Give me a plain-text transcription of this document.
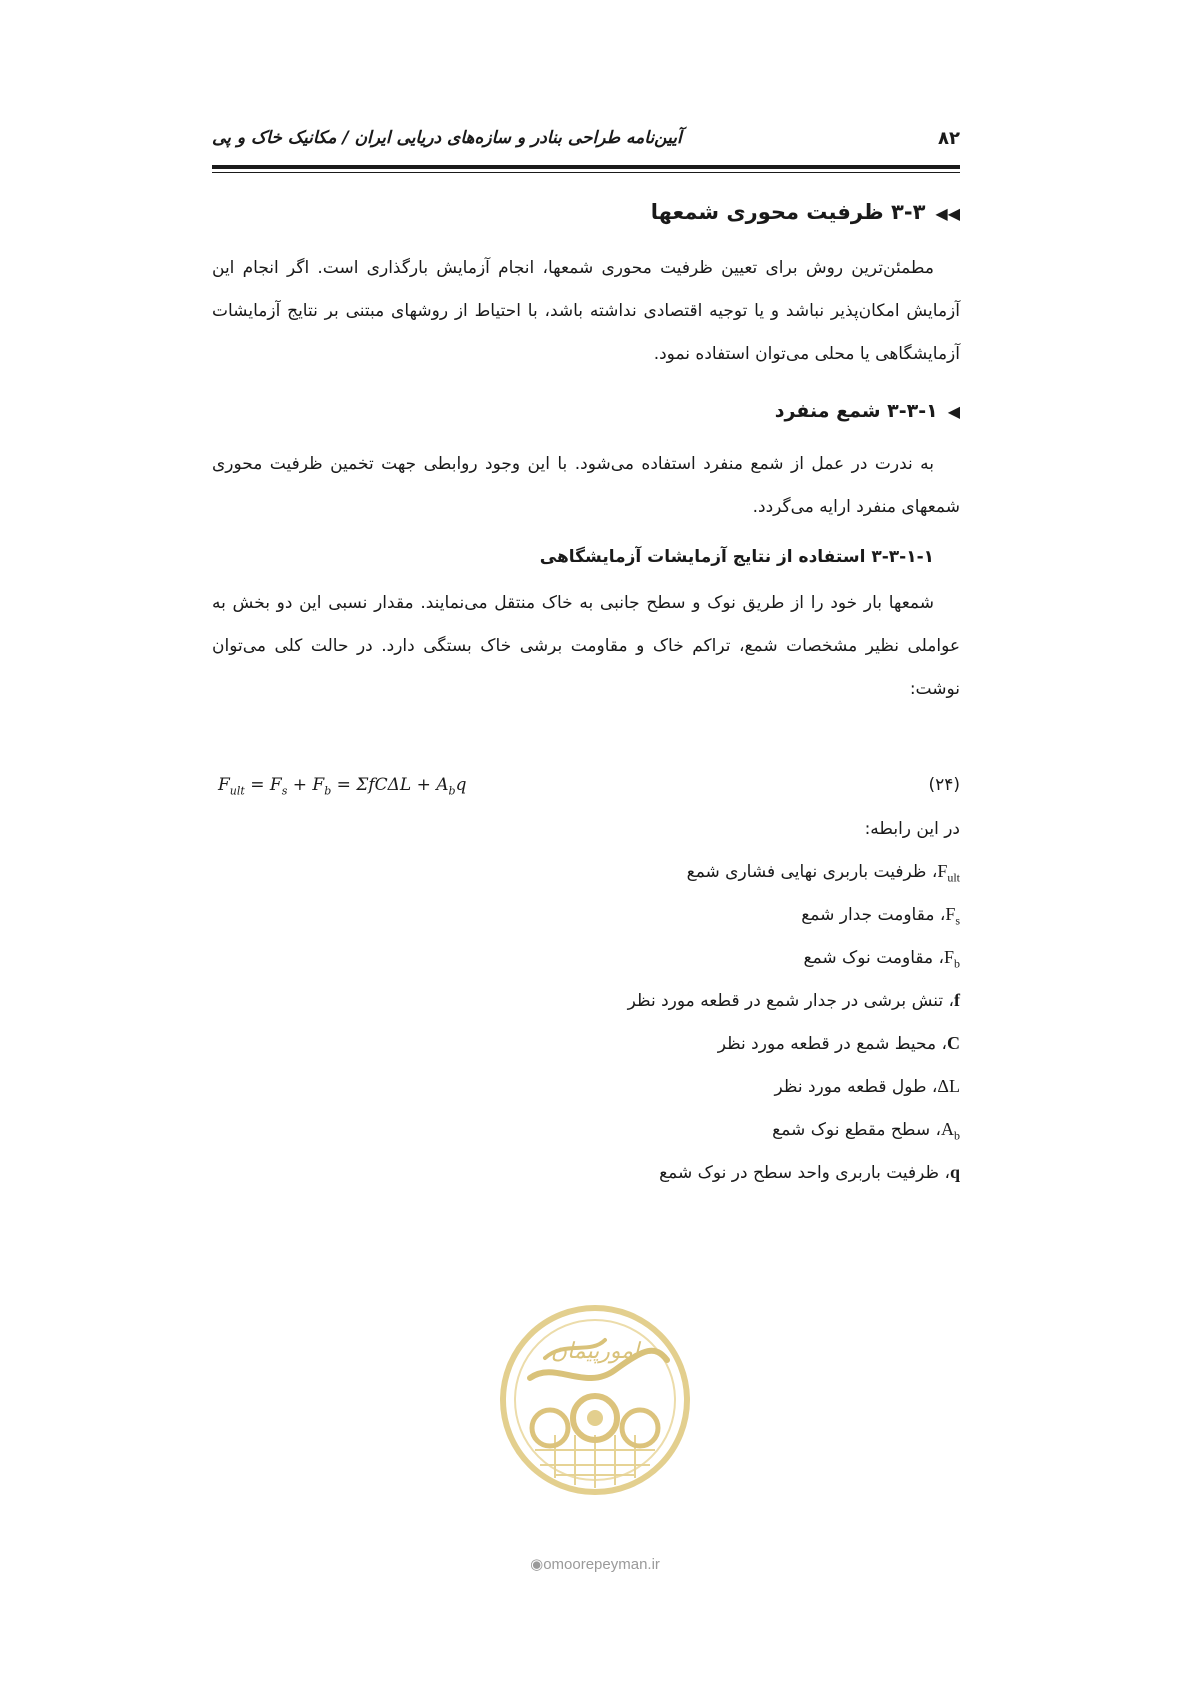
۸۲
آیین‌نامه طراحی بنادر و سازه‌های دریایی ایران / مکانیک خاک و پی
◀◀۳-۳ ظرفیت محوری شمعها
مطمئن‌ترین روش برای تعیین ظرفیت محوری شمعها، انجام آزمایش بارگذاری است. اگر انجام این آزمایش امکان‌پذیر نباشد و یا توجیه اقتصادی نداشته باشد، با احتیاط از روشهای مبتنی بر نتایج آزمایشات آزمایشگاهی یا محلی می‌توان استفاده نمود.
◀۳-۳-۱ شمع منفرد
به ندرت در عمل از شمع منفرد استفاده می‌شود. با این وجود روابطی جهت تخمین ظرفیت محوری شمعهای منفرد ارایه می‌گردد.
۳-۳-۱-۱ استفاده از نتایج آزمایشات آزمایشگاهی
شمعها بار خود را از طریق نوک و سطح جانبی به خاک منتقل می‌نمایند. مقدار نسبی این دو بخش به عواملی نظیر مشخصات شمع، تراکم خاک و مقاومت برشی خاک بستگی دارد. در حالت کلی می‌توان نوشت:
$F_{ult} = F_s + F_b = \Sigma fC\Delta L + A_bq$	(۲۴)
در این رابطه:
$F_{ult}،$ ظرفیت باربری نهایی فشاری شمع
$F_s،$ مقاومت جدار شمع
$F_b،$ مقاومت نوک شمع
f، تنش برشی در جدار شمع در قطعه مورد نظر
C، محیط شمع در قطعه مورد نظر
ΔL، طول قطعه مورد نظر
$A_b،$ سطح مقطع نوک شمع
q، ظرفیت باربری واحد سطح در نوک شمع
امورپیمان
◉omoorepeyman.ir
